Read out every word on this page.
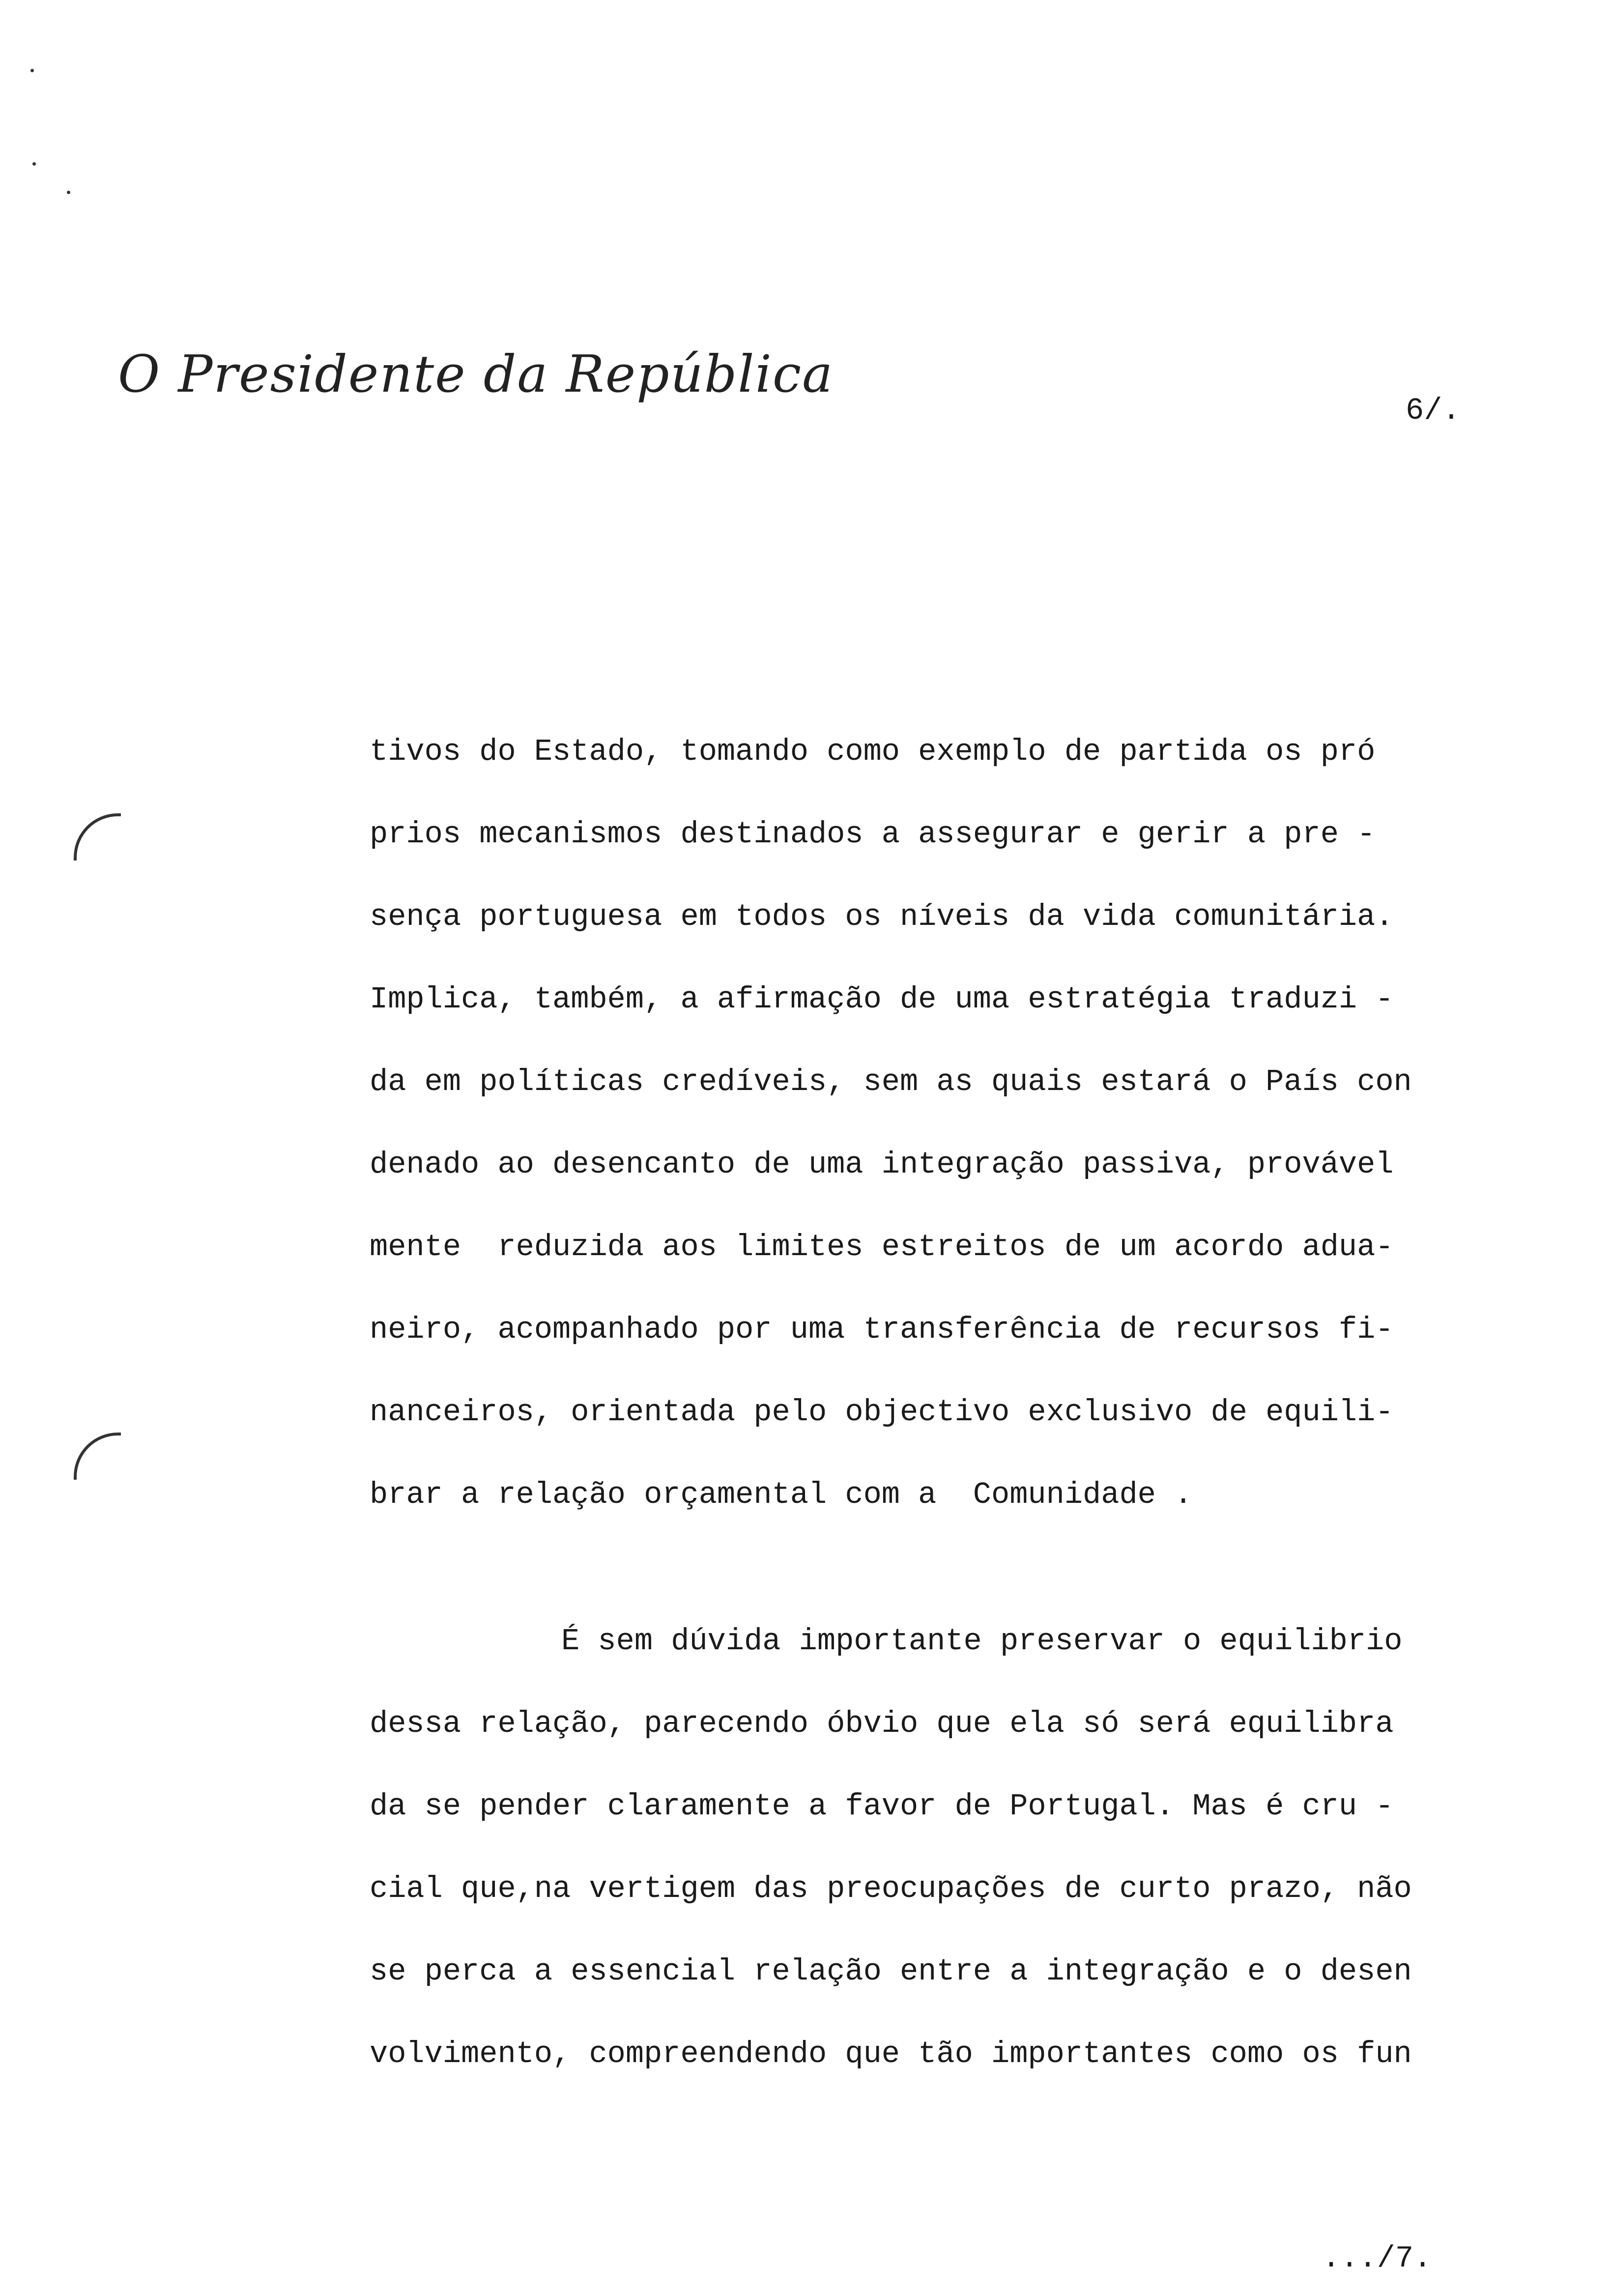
O Presidente da República
6/.
tivos do Estado, tomando como exemplo de partida os pró
prios mecanismos destinados a assegurar e gerir a pre -
sença portuguesa em todos os níveis da vida comunitária.
Implica, também, a afirmação de uma estratégia traduzi -
da em políticas credíveis, sem as quais estará o País con
denado ao desencanto de uma integração passiva, provável
mente  reduzida aos limites estreitos de um acordo adua-
neiro, acompanhado por uma transferência de recursos fi-
nanceiros, orientada pelo objectivo exclusivo de equili-
brar a relação orçamental com a  Comunidade .
É sem dúvida importante preservar o equilibrio
dessa relação, parecendo óbvio que ela só será equilibra
da se pender claramente a favor de Portugal. Mas é cru -
cial que,na vertigem das preocupações de curto prazo, não
se perca a essencial relação entre a integração e o desen
volvimento, compreendendo que tão importantes como os fun
.../7.
